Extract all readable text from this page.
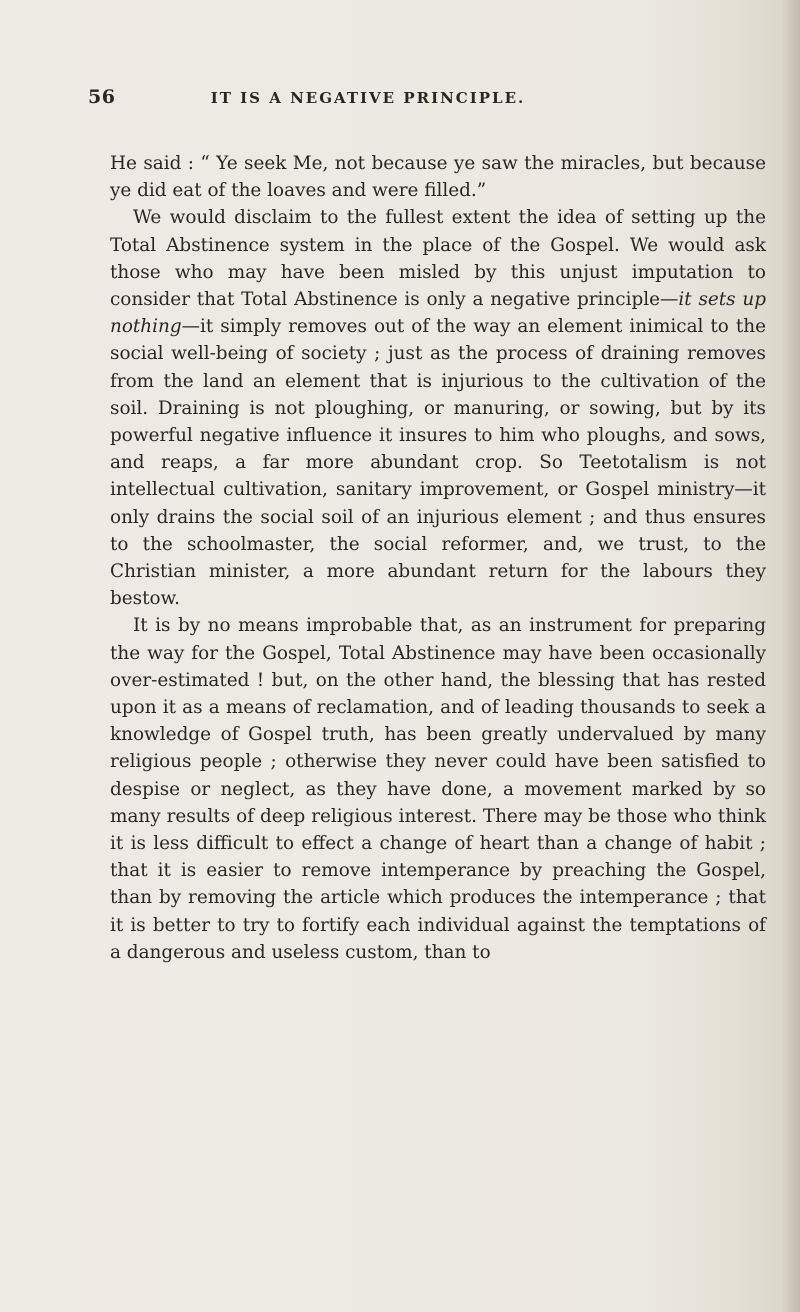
56	IT IS A NEGATIVE PRINCIPLE.

He said : “ Ye seek Me, not because ye saw the miracles, but because ye did eat of the loaves and were filled.”

We would disclaim to the fullest extent the idea of setting up the Total Abstinence system in the place of the Gospel. We would ask those who may have been misled by this unjust imputation to consider that Total Abstinence is only a negative principle—it sets up nothing—it simply removes out of the way an element inimical to the social well-being of society ; just as the process of draining removes from the land an element that is injurious to the cultivation of the soil. Draining is not ploughing, or manuring, or sowing, but by its powerful negative influence it insures to him who ploughs, and sows, and reaps, a far more abundant crop. So Teetotalism is not intellectual cultivation, sanitary improvement, or Gospel ministry—it only drains the social soil of an injurious element ; and thus ensures to the schoolmaster, the social reformer, and, we trust, to the Christian minister, a more abundant return for the labours they bestow.

It is by no means improbable that, as an instrument for preparing the way for the Gospel, Total Abstinence may have been occasionally over-estimated ! but, on the other hand, the blessing that has rested upon it as a means of reclamation, and of leading thousands to seek a knowledge of Gospel truth, has been greatly undervalued by many religious people ; otherwise they never could have been satisfied to despise or neglect, as they have done, a movement marked by so many results of deep religious interest. There may be those who think it is less difficult to effect a change of heart than a change of habit ; that it is easier to remove intemperance by preaching the Gospel, than by removing the article which produces the intemperance ; that it is better to try to fortify each individual against the temptations of a dangerous and useless custom, than to
